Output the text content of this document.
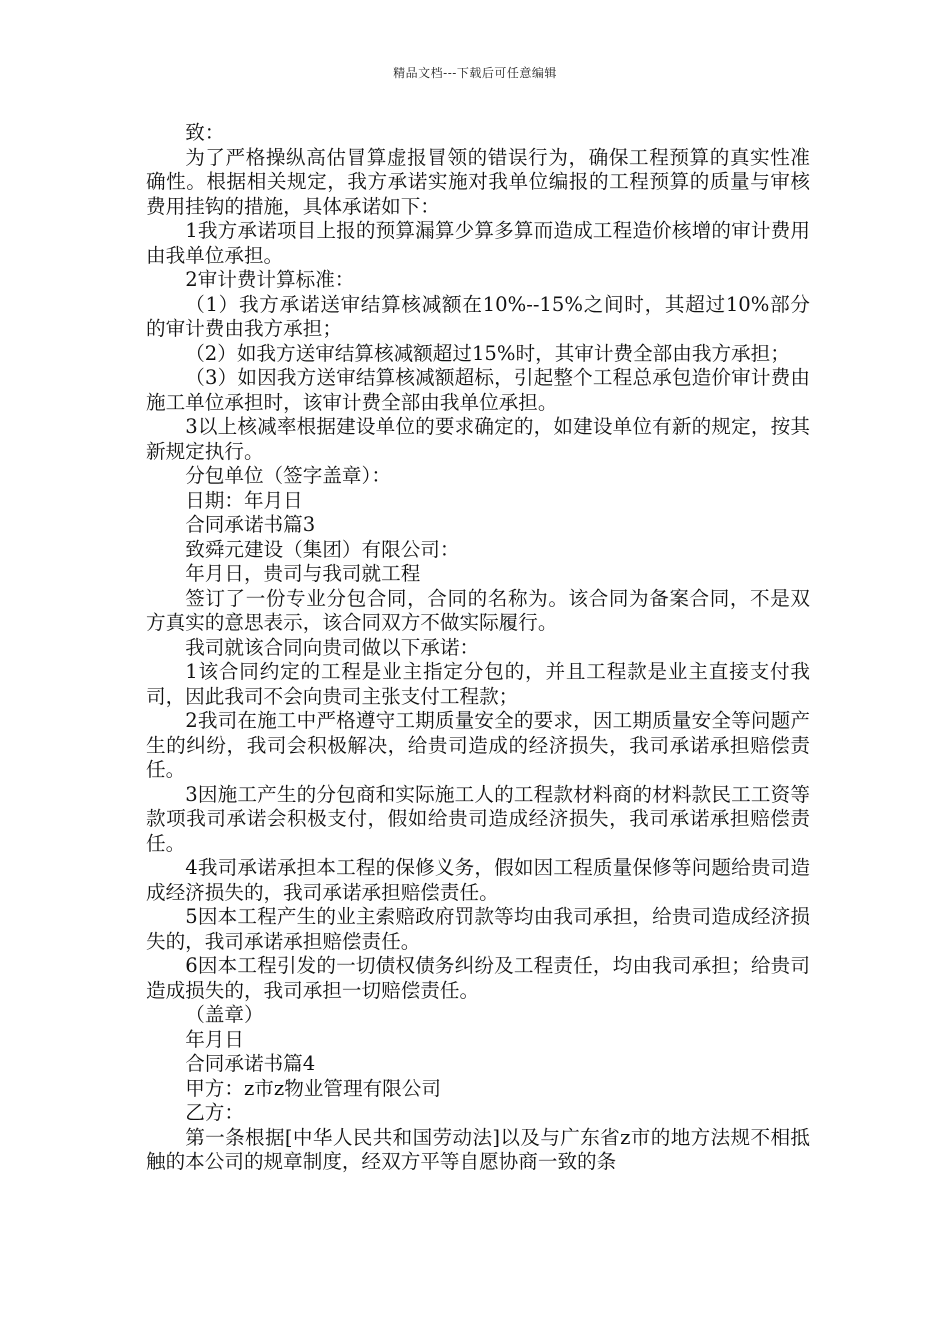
精品文档---下载后可任意编辑

致：

为了严格操纵高估冒算虚报冒领的错误行为，确保工程预算的真实性准确性。根据相关规定，我方承诺实施对我单位编报的工程预算的质量与审核费用挂钩的措施，具体承诺如下：

1我方承诺项目上报的预算漏算少算多算而造成工程造价核增的审计费用由我单位承担。

2审计费计算标准：

（1）我方承诺送审结算核减额在10%--15%之间时，其超过10%部分的审计费由我方承担；

（2）如我方送审结算核减额超过15%时，其审计费全部由我方承担；

（3）如因我方送审结算核减额超标，引起整个工程总承包造价审计费由施工单位承担时，该审计费全部由我单位承担。

3以上核减率根据建设单位的要求确定的，如建设单位有新的规定，按其新规定执行。

分包单位（签字盖章）：

日期：年月日

合同承诺书篇3

致舜元建设（集团）有限公司：

年月日，贵司与我司就工程

签订了一份专业分包合同，合同的名称为。该合同为备案合同，不是双方真实的意思表示，该合同双方不做实际履行。

我司就该合同向贵司做以下承诺：

1该合同约定的工程是业主指定分包的，并且工程款是业主直接支付我司，因此我司不会向贵司主张支付工程款；

2我司在施工中严格遵守工期质量安全的要求，因工期质量安全等问题产生的纠纷，我司会积极解决，给贵司造成的经济损失，我司承诺承担赔偿责任。

3因施工产生的分包商和实际施工人的工程款材料商的材料款民工工资等款项我司承诺会积极支付，假如给贵司造成经济损失，我司承诺承担赔偿责任。

4我司承诺承担本工程的保修义务，假如因工程质量保修等问题给贵司造成经济损失的，我司承诺承担赔偿责任。

5因本工程产生的业主索赔政府罚款等均由我司承担，给贵司造成经济损失的，我司承诺承担赔偿责任。

6因本工程引发的一切债权债务纠纷及工程责任，均由我司承担；给贵司造成损失的，我司承担一切赔偿责任。

（盖章）

年月日

合同承诺书篇4

甲方：z市z物业管理有限公司

乙方：

第一条根据[中华人民共和国劳动法]以及与广东省z市的地方法规不相抵触的本公司的规章制度，经双方平等自愿协商一致的条
